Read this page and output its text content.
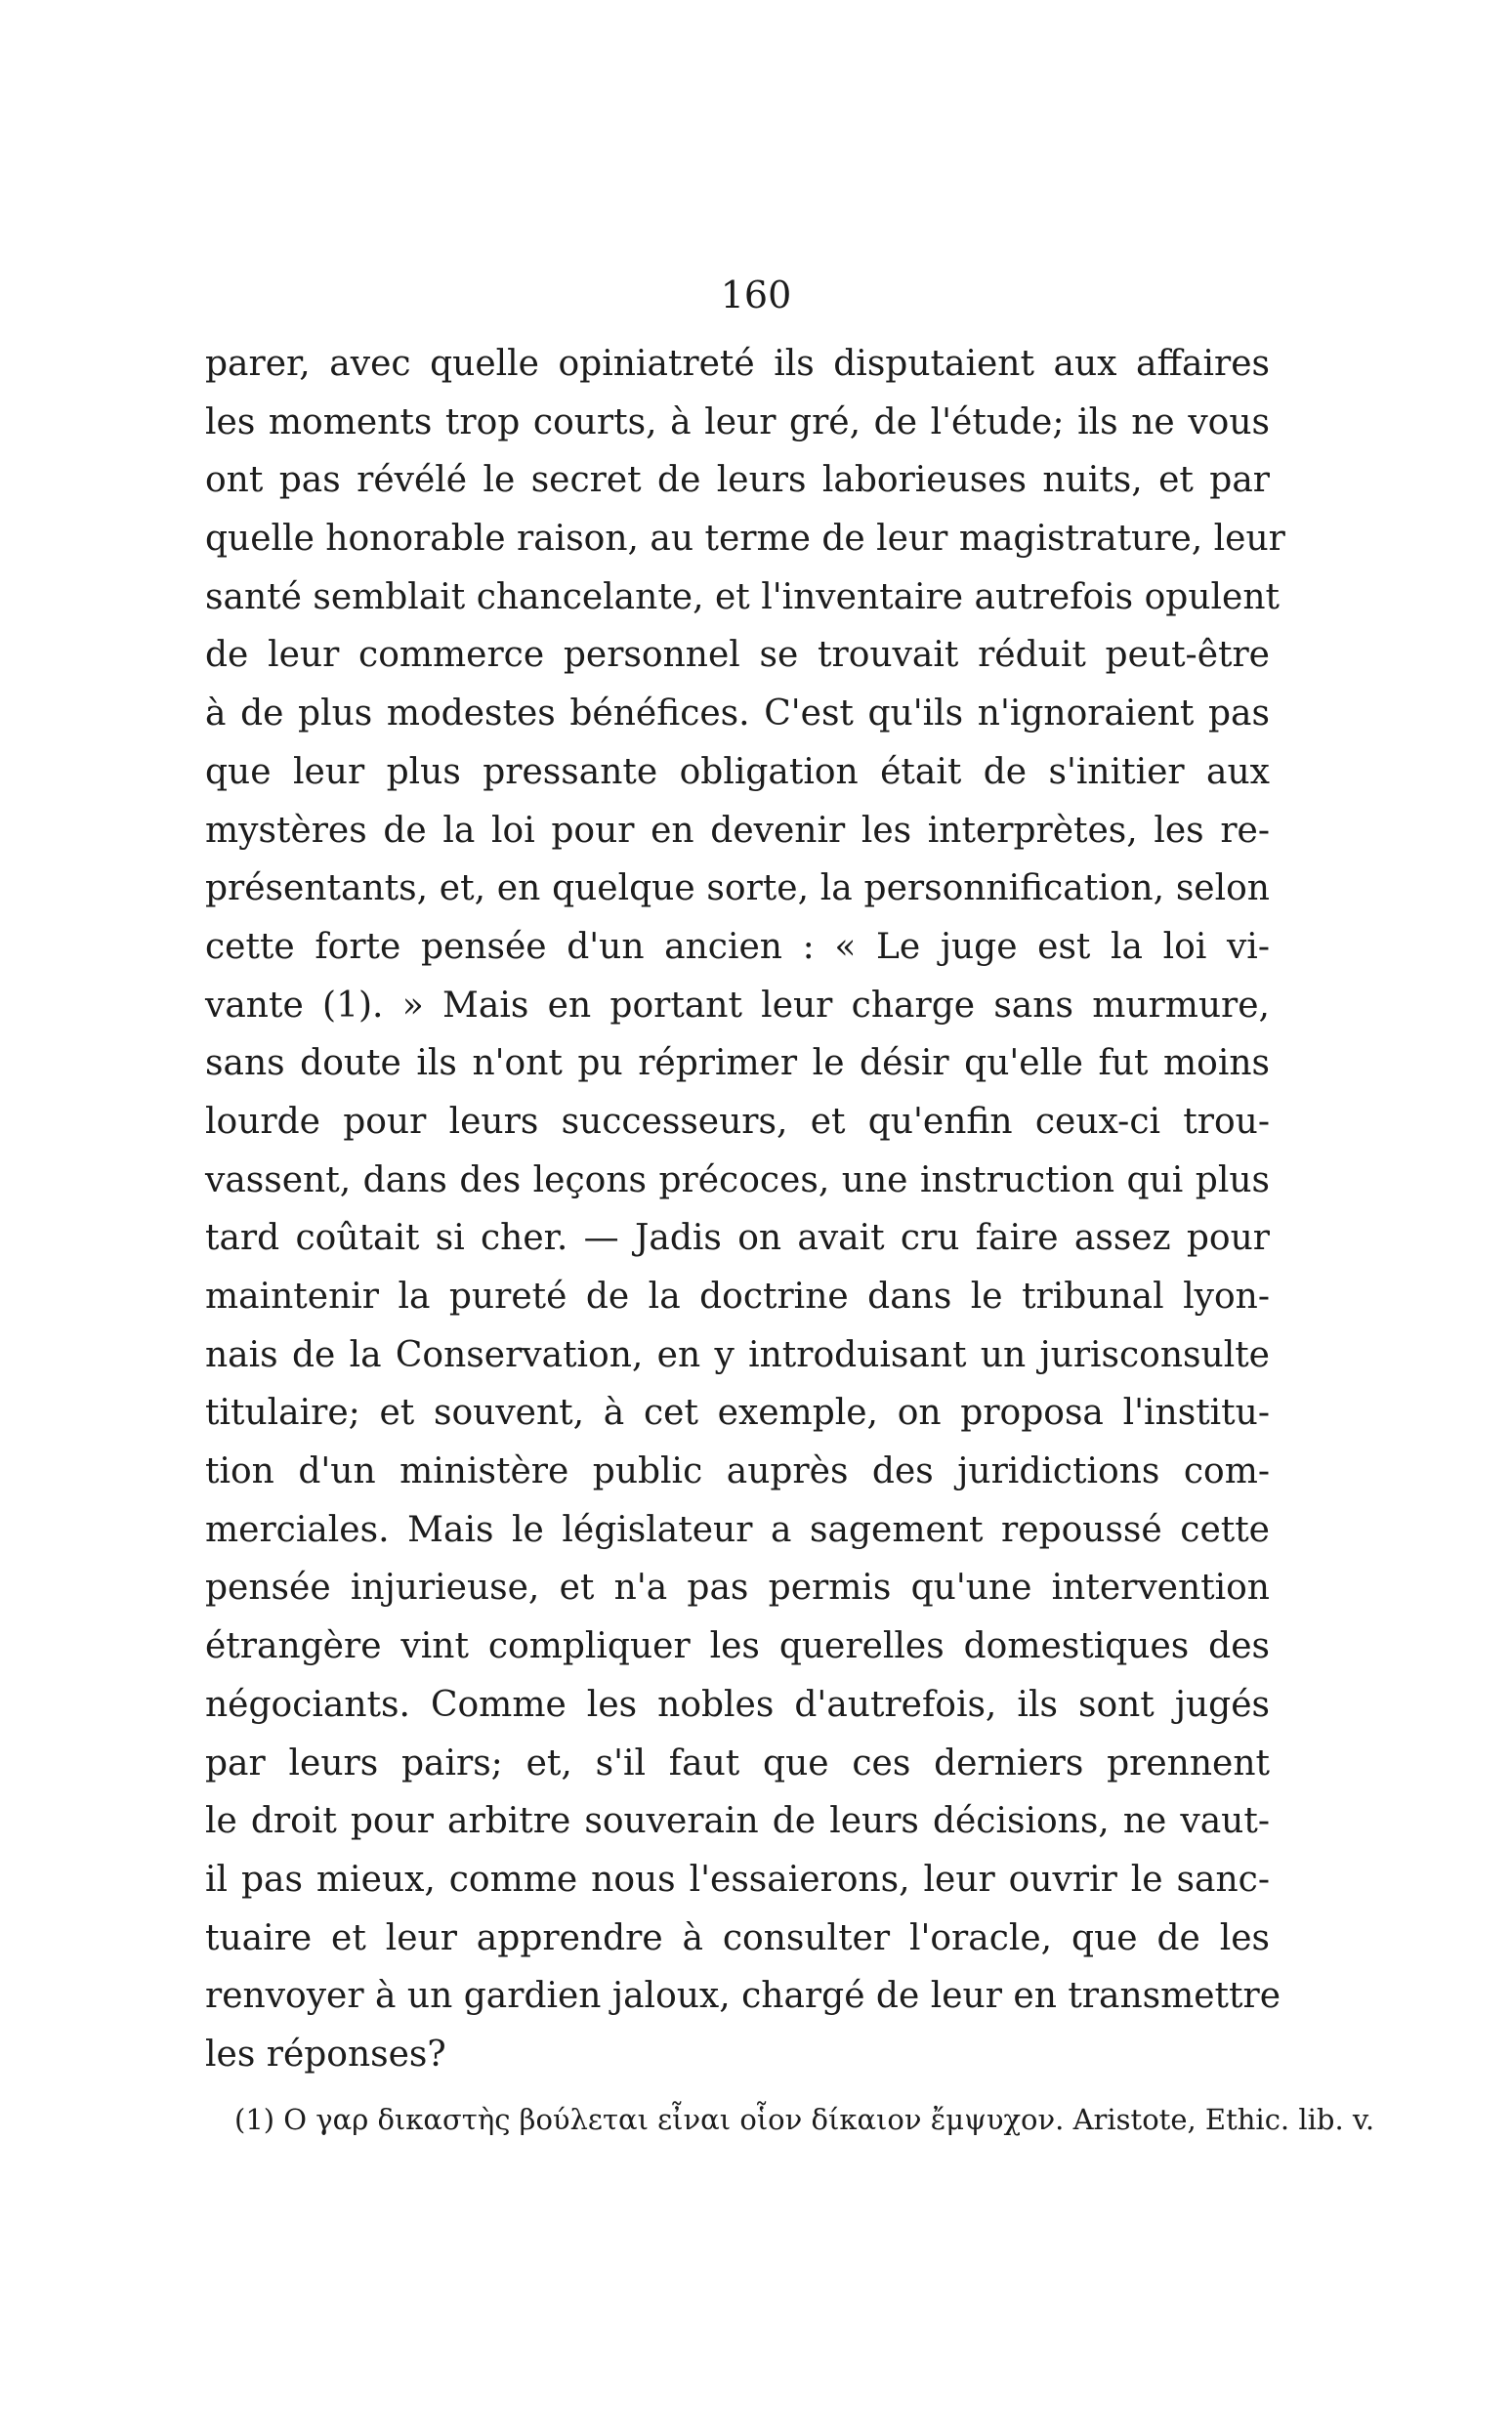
160
parer, avec quelle opiniatreté ils disputaient aux affaires
les moments trop courts, à leur gré, de l'étude; ils ne vous
ont pas révélé le secret de leurs laborieuses nuits, et par
quelle honorable raison, au terme de leur magistrature, leur
santé semblait chancelante, et l'inventaire autrefois opulent
de leur commerce personnel se trouvait réduit peut-être
à de plus modestes bénéfices. C'est qu'ils n'ignoraient pas
que leur plus pressante obligation était de s'initier aux
mystères de la loi pour en devenir les interprètes, les re-
présentants, et, en quelque sorte, la personnification, selon
cette forte pensée d'un ancien : « Le juge est la loi vi-
vante (1). » Mais en portant leur charge sans murmure,
sans doute ils n'ont pu réprimer le désir qu'elle fut moins
lourde pour leurs successeurs, et qu'enfin ceux-ci trou-
vassent, dans des leçons précoces, une instruction qui plus
tard coûtait si cher. — Jadis on avait cru faire assez pour
maintenir la pureté de la doctrine dans le tribunal lyon-
nais de la Conservation, en y introduisant un jurisconsulte
titulaire; et souvent, à cet exemple, on proposa l'institu-
tion d'un ministère public auprès des juridictions com-
merciales. Mais le législateur a sagement repoussé cette
pensée injurieuse, et n'a pas permis qu'une intervention
étrangère vint compliquer les querelles domestiques des
négociants. Comme les nobles d'autrefois, ils sont jugés
par leurs pairs; et, s'il faut que ces derniers prennent
le droit pour arbitre souverain de leurs décisions, ne vaut-
il pas mieux, comme nous l'essaierons, leur ouvrir le sanc-
tuaire et leur apprendre à consulter l'oracle, que de les
renvoyer à un gardien jaloux, chargé de leur en transmettre
les réponses?
(1) Ο γαρ δικαστὴς βούλεται εἶναι οἷον δίκαιον ἔμψυχον. Aristote, Ethic. lib. v.
